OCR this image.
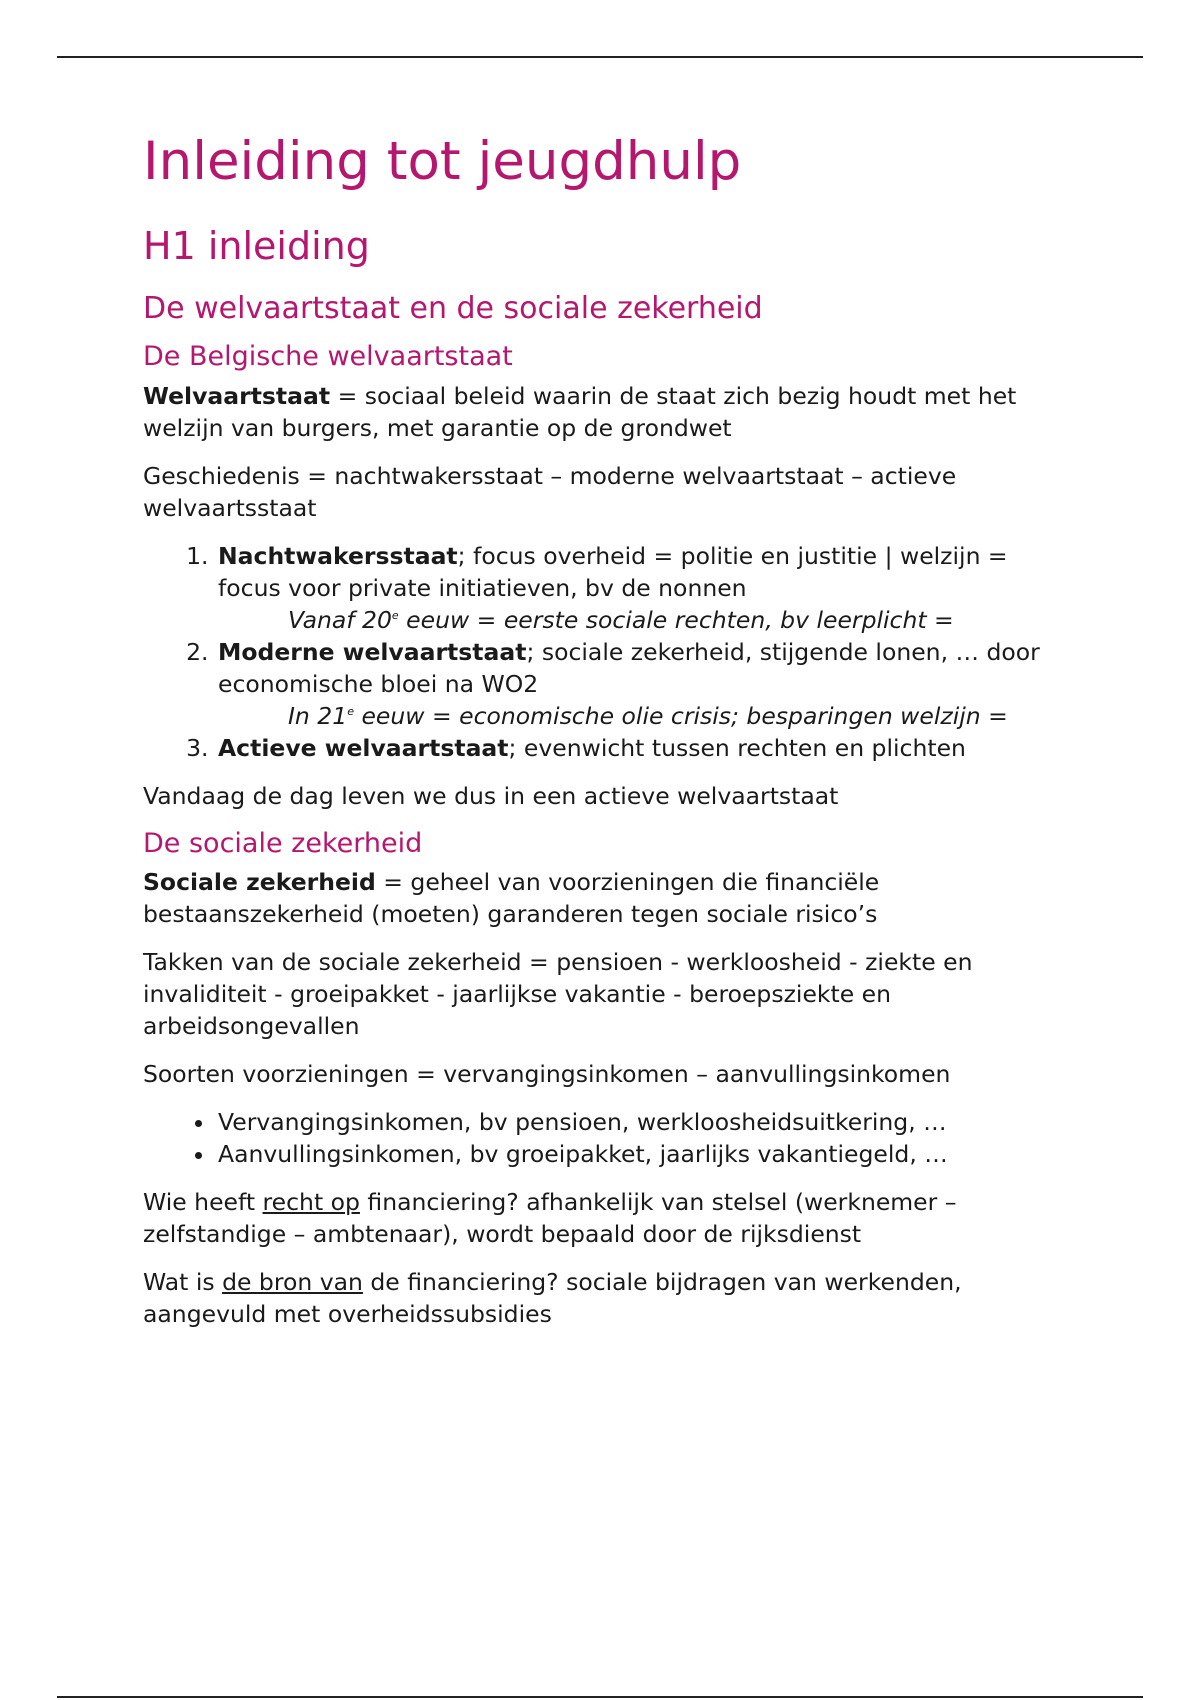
Inleiding tot jeugdhulp
H1 inleiding
De welvaartstaat en de sociale zekerheid
De Belgische welvaartstaat

Welvaartstaat = sociaal beleid waarin de staat zich bezig houdt met het welzijn van burgers, met garantie op de grondwet

Geschiedenis = nachtwakersstaat – moderne welvaartstaat – actieve welvaartsstaat

1. Nachtwakersstaat; focus overheid = politie en justitie | welzijn = focus voor private initiatieven, bv de nonnen
Vanaf 20e eeuw = eerste sociale rechten, bv leerplicht =
2. Moderne welvaartstaat; sociale zekerheid, stijgende lonen, … door economische bloei na WO2
In 21e eeuw = economische olie crisis; besparingen welzijn =
3. Actieve welvaartstaat; evenwicht tussen rechten en plichten

Vandaag de dag leven we dus in een actieve welvaartstaat

De sociale zekerheid

Sociale zekerheid = geheel van voorzieningen die financiële bestaanszekerheid (moeten) garanderen tegen sociale risico’s

Takken van de sociale zekerheid = pensioen - werkloosheid - ziekte en invaliditeit - groeipakket - jaarlijkse vakantie - beroepsziekte en arbeidsongevallen

Soorten voorzieningen = vervangingsinkomen – aanvullingsinkomen

• Vervangingsinkomen, bv pensioen, werkloosheidsuitkering, …
• Aanvullingsinkomen, bv groeipakket, jaarlijks vakantiegeld, …

Wie heeft recht op financiering? afhankelijk van stelsel (werknemer – zelfstandige – ambtenaar), wordt bepaald door de rijksdienst

Wat is de bron van de financiering? sociale bijdragen van werkenden, aangevuld met overheidssubsidies
